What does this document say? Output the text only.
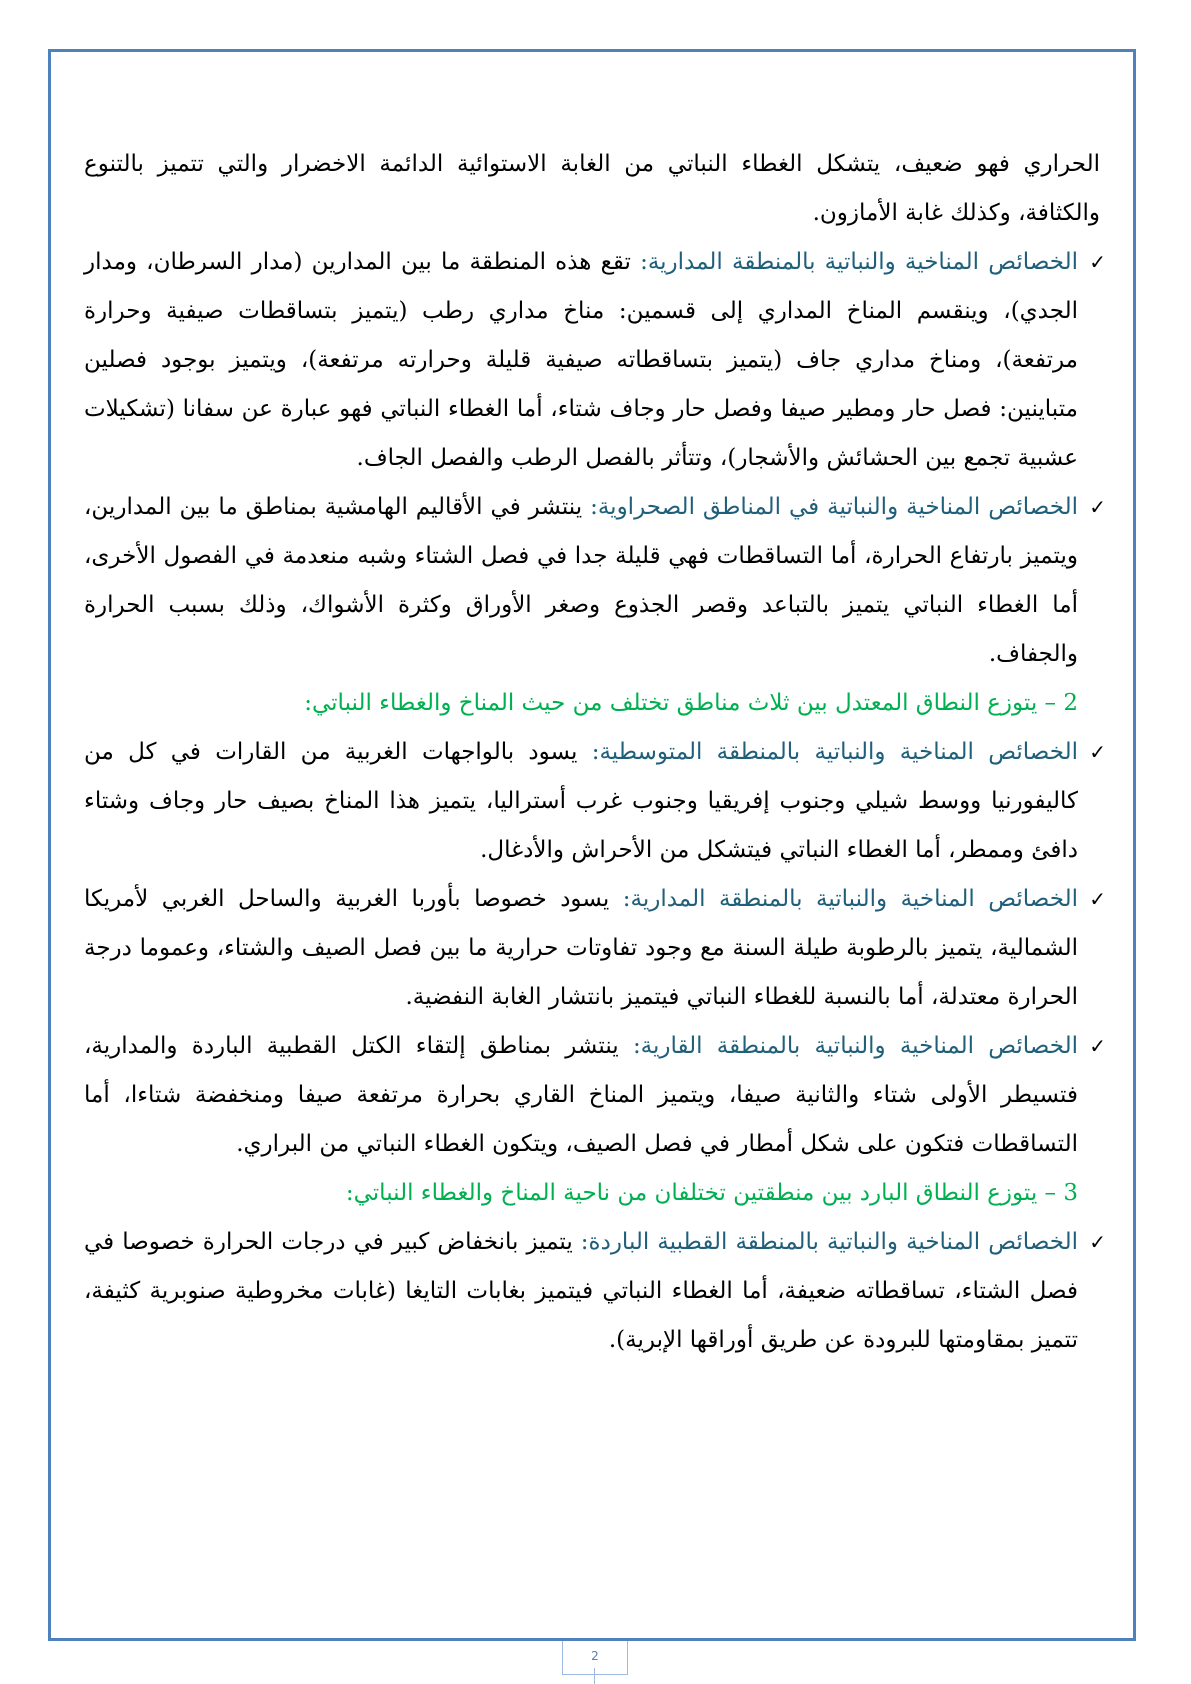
الحراري فهو ضعيف، يتشكل الغطاء النباتي من الغابة الاستوائية الدائمة الاخضرار والتي تتميز بالتنوع والكثافة، وكذلك غابة الأمازون.

✓
الخصائص المناخية والنباتية بالمنطقة المدارية: تقع هذه المنطقة ما بين المدارين (مدار السرطان، ومدار الجدي)، وينقسم المناخ المداري إلى قسمين: مناخ مداري رطب (يتميز بتساقطات صيفية وحرارة مرتفعة)، ومناخ مداري جاف (يتميز بتساقطاته صيفية قليلة وحرارته مرتفعة)، ويتميز بوجود فصلين متباينين: فصل حار ومطير صيفا وفصل حار وجاف شتاء، أما الغطاء النباتي فهو عبارة عن سفانا (تشكيلات عشبية تجمع بين الحشائش والأشجار)، وتتأثر بالفصل الرطب والفصل الجاف.

✓
الخصائص المناخية والنباتية في المناطق الصحراوية: ينتشر في الأقاليم الهامشية بمناطق ما بين المدارين، ويتميز بارتفاع الحرارة، أما التساقطات فهي قليلة جدا في فصل الشتاء وشبه منعدمة في الفصول الأخرى، أما الغطاء النباتي يتميز بالتباعد وقصر الجذوع وصغر الأوراق وكثرة الأشواك، وذلك بسبب الحرارة والجفاف.

2 – يتوزع النطاق المعتدل بين ثلاث مناطق تختلف من حيث المناخ والغطاء النباتي:

✓
الخصائص المناخية والنباتية بالمنطقة المتوسطية: يسود بالواجهات الغربية من القارات في كل من كاليفورنيا ووسط شيلي وجنوب إفريقيا وجنوب غرب أستراليا، يتميز هذا المناخ بصيف حار وجاف وشتاء دافئ وممطر، أما الغطاء النباتي فيتشكل من الأحراش والأدغال.

✓
الخصائص المناخية والنباتية بالمنطقة المدارية: يسود خصوصا بأوربا الغربية والساحل الغربي لأمريكا الشمالية، يتميز بالرطوبة طيلة السنة مع وجود تفاوتات حرارية ما بين فصل الصيف والشتاء، وعموما درجة الحرارة معتدلة، أما بالنسبة للغطاء النباتي فيتميز بانتشار الغابة النفضية.

✓
الخصائص المناخية والنباتية بالمنطقة القارية: ينتشر بمناطق إلتقاء الكتل القطبية الباردة والمدارية، فتسيطر الأولى شتاء والثانية صيفا، ويتميز المناخ القاري بحرارة مرتفعة صيفا ومنخفضة شتاءا، أما التساقطات فتكون على شكل أمطار في فصل الصيف، ويتكون الغطاء النباتي من البراري.

3 – يتوزع النطاق البارد بين منطقتين تختلفان من ناحية المناخ والغطاء النباتي:

✓
الخصائص المناخية والنباتية بالمنطقة القطبية الباردة: يتميز بانخفاض كبير في درجات الحرارة خصوصا في فصل الشتاء، تساقطاته ضعيفة، أما الغطاء النباتي فيتميز بغابات التايغا (غابات مخروطية صنوبرية كثيفة، تتميز بمقاومتها للبرودة عن طريق أوراقها الإبرية).

2
